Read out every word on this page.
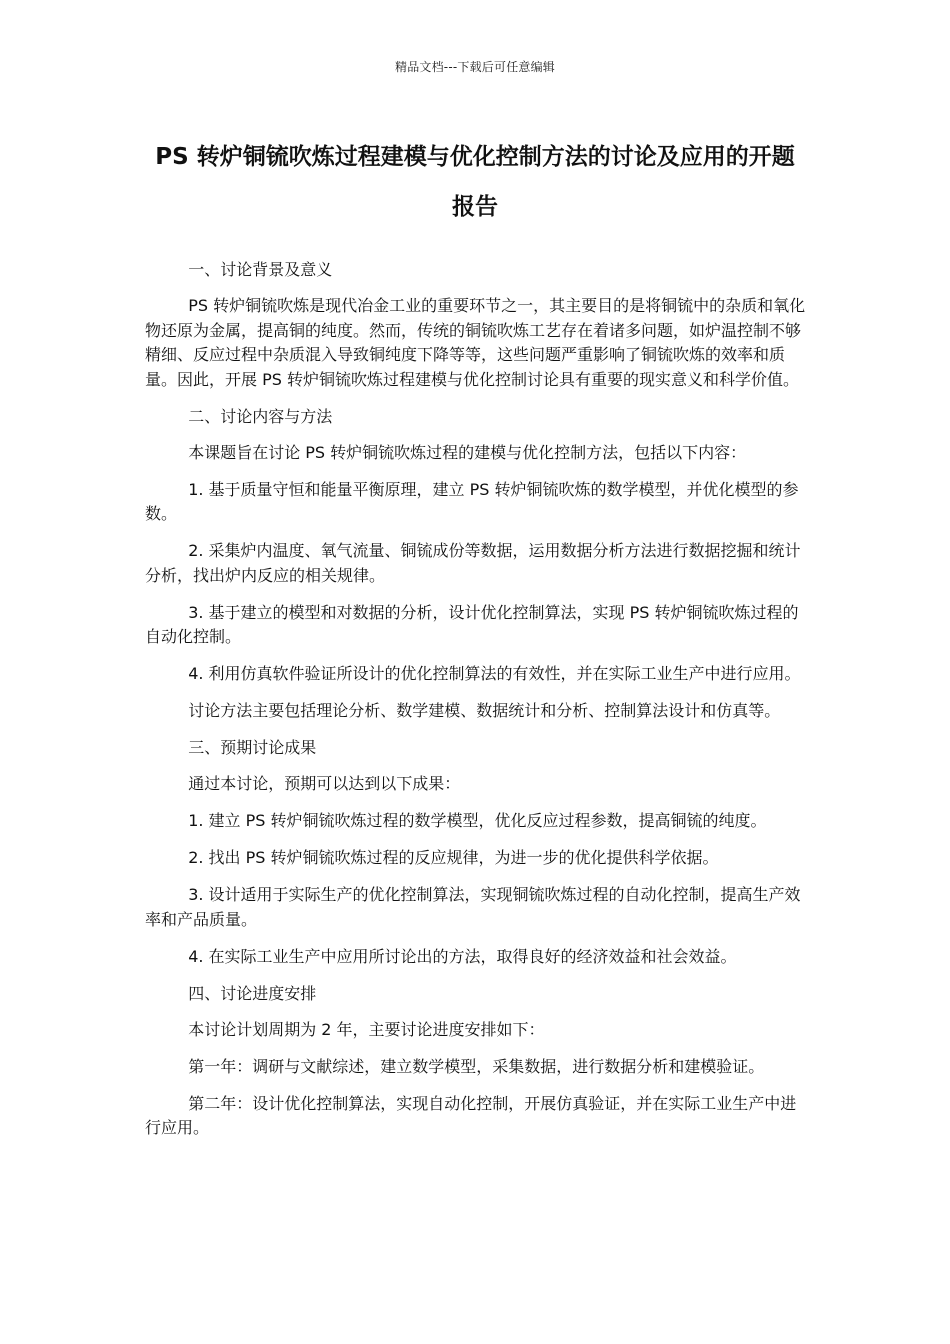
精品文档---下载后可任意编辑
PS 转炉铜锍吹炼过程建模与优化控制方法的讨论及应用的开题报告

一、讨论背景及意义

PS 转炉铜锍吹炼是现代冶金工业的重要环节之一，其主要目的是将铜锍中的杂质和氧化物还原为金属，提高铜的纯度。然而，传统的铜锍吹炼工艺存在着诸多问题，如炉温控制不够精细、反应过程中杂质混入导致铜纯度下降等等，这些问题严重影响了铜锍吹炼的效率和质量。因此，开展 PS 转炉铜锍吹炼过程建模与优化控制讨论具有重要的现实意义和科学价值。

二、讨论内容与方法

本课题旨在讨论 PS 转炉铜锍吹炼过程的建模与优化控制方法，包括以下内容：

1. 基于质量守恒和能量平衡原理，建立 PS 转炉铜锍吹炼的数学模型，并优化模型的参数。

2. 采集炉内温度、氧气流量、铜锍成份等数据，运用数据分析方法进行数据挖掘和统计分析，找出炉内反应的相关规律。

3. 基于建立的模型和对数据的分析，设计优化控制算法，实现 PS 转炉铜锍吹炼过程的自动化控制。

4. 利用仿真软件验证所设计的优化控制算法的有效性，并在实际工业生产中进行应用。

讨论方法主要包括理论分析、数学建模、数据统计和分析、控制算法设计和仿真等。

三、预期讨论成果

通过本讨论，预期可以达到以下成果：

1. 建立 PS 转炉铜锍吹炼过程的数学模型，优化反应过程参数，提高铜锍的纯度。

2. 找出 PS 转炉铜锍吹炼过程的反应规律，为进一步的优化提供科学依据。

3. 设计适用于实际生产的优化控制算法，实现铜锍吹炼过程的自动化控制，提高生产效率和产品质量。

4. 在实际工业生产中应用所讨论出的方法，取得良好的经济效益和社会效益。

四、讨论进度安排

本讨论计划周期为 2 年，主要讨论进度安排如下：

第一年：调研与文献综述，建立数学模型，采集数据，进行数据分析和建模验证。

第二年：设计优化控制算法，实现自动化控制，开展仿真验证，并在实际工业生产中进行应用。
